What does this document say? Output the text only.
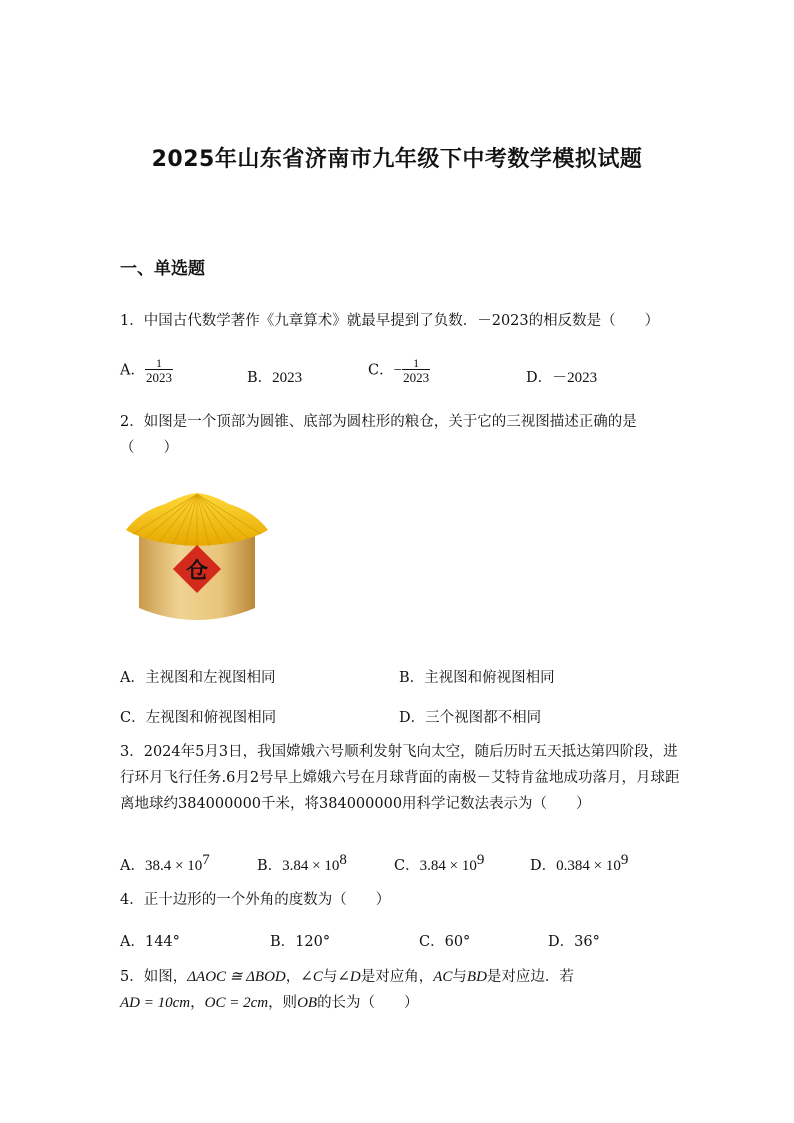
2025年山东省济南市九年级下中考数学模拟试题
一、单选题
1．中国古代数学著作《九章算术》就最早提到了负数．－2023的相反数是（　　）
A． $\frac{1}{2023}$	B．2023	C．− $\frac{1}{2023}$	D．－2023
2．如图是一个顶部为圆锥、底部为圆柱形的粮仓，关于它的三视图描述正确的是（　　）
仓
A．主视图和左视图相同	B．主视图和俯视图相同
C．左视图和俯视图相同	D．三个视图都不相同
3．2024年5月3日，我国嫦娥六号顺利发射飞向太空，随后历时五天抵达第四阶段，进行环月飞行任务.6月2号早上嫦娥六号在月球背面的南极－艾特肯盆地成功落月，月球距离地球约384000000千米，将384000000用科学记数法表示为（　　）
A．$38.4 \times 10^7$	B．$3.84 \times 10^8$	C．$3.84 \times 10^9$	D．$0.384 \times 10^9$
4．正十边形的一个外角的度数为（　　）
A．144°	B．120°	C．60°	D．36°
5．如图，ΔAOC ≅ ΔBOD，∠C与∠D是对应角，AC与BD是对应边．若
AD = 10cm，OC = 2cm，则OB的长为（　　）
